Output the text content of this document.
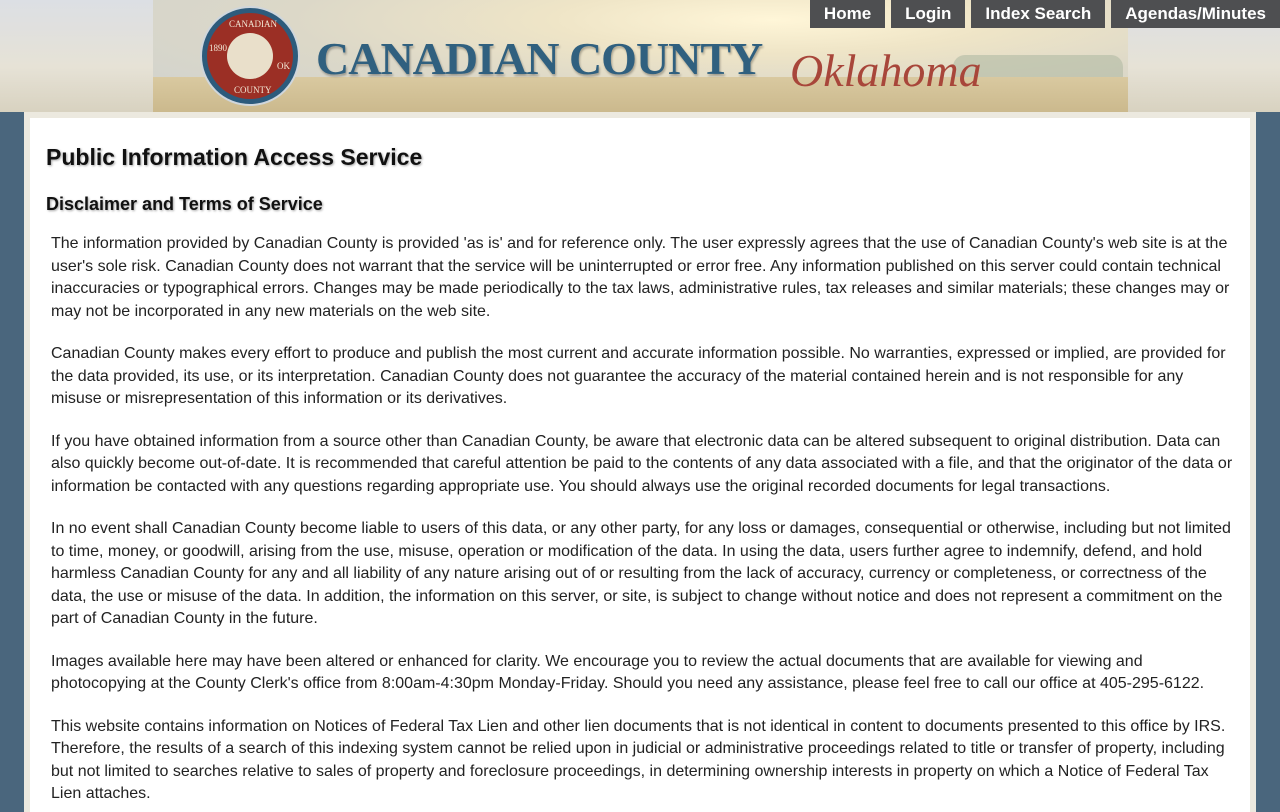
CANADIAN
1890
OK
COUNTY
CANADIAN COUNTY Oklahoma
Home	Login	Index Search	Agendas/Minutes
Public Information Access Service
Disclaimer and Terms of Service

The information provided by Canadian County is provided 'as is' and for reference only. The user expressly agrees that the use of Canadian County's web site is at the user's sole risk. Canadian County does not warrant that the service will be uninterrupted or error free. Any information published on this server could contain technical inaccuracies or typographical errors. Changes may be made periodically to the tax laws, administrative rules, tax releases and similar materials; these changes may or may not be incorporated in any new materials on the web site.

Canadian County makes every effort to produce and publish the most current and accurate information possible. No warranties, expressed or implied, are provided for the data provided, its use, or its interpretation. Canadian County does not guarantee the accuracy of the material contained herein and is not responsible for any misuse or misrepresentation of this information or its derivatives.

If you have obtained information from a source other than Canadian County, be aware that electronic data can be altered subsequent to original distribution. Data can also quickly become out-of-date. It is recommended that careful attention be paid to the contents of any data associated with a file, and that the originator of the data or information be contacted with any questions regarding appropriate use. You should always use the original recorded documents for legal transactions.

In no event shall Canadian County become liable to users of this data, or any other party, for any loss or damages, consequential or otherwise, including but not limited to time, money, or goodwill, arising from the use, misuse, operation or modification of the data. In using the data, users further agree to indemnify, defend, and hold harmless Canadian County for any and all liability of any nature arising out of or resulting from the lack of accuracy, currency or completeness, or correctness of the data, the use or misuse of the data. In addition, the information on this server, or site, is subject to change without notice and does not represent a commitment on the part of Canadian County in the future.

Images available here may have been altered or enhanced for clarity. We encourage you to review the actual documents that are available for viewing and photocopying at the County Clerk's office from 8:00am-4:30pm Monday-Friday. Should you need any assistance, please feel free to call our office at 405-295-6122.

This website contains information on Notices of Federal Tax Lien and other lien documents that is not identical in content to documents presented to this office by IRS. Therefore, the results of a search of this indexing system cannot be relied upon in judicial or administrative proceedings related to title or transfer of property, including but not limited to searches relative to sales of property and foreclosure proceedings, in determining ownership interests in property on which a Notice of Federal Tax Lien attaches.
